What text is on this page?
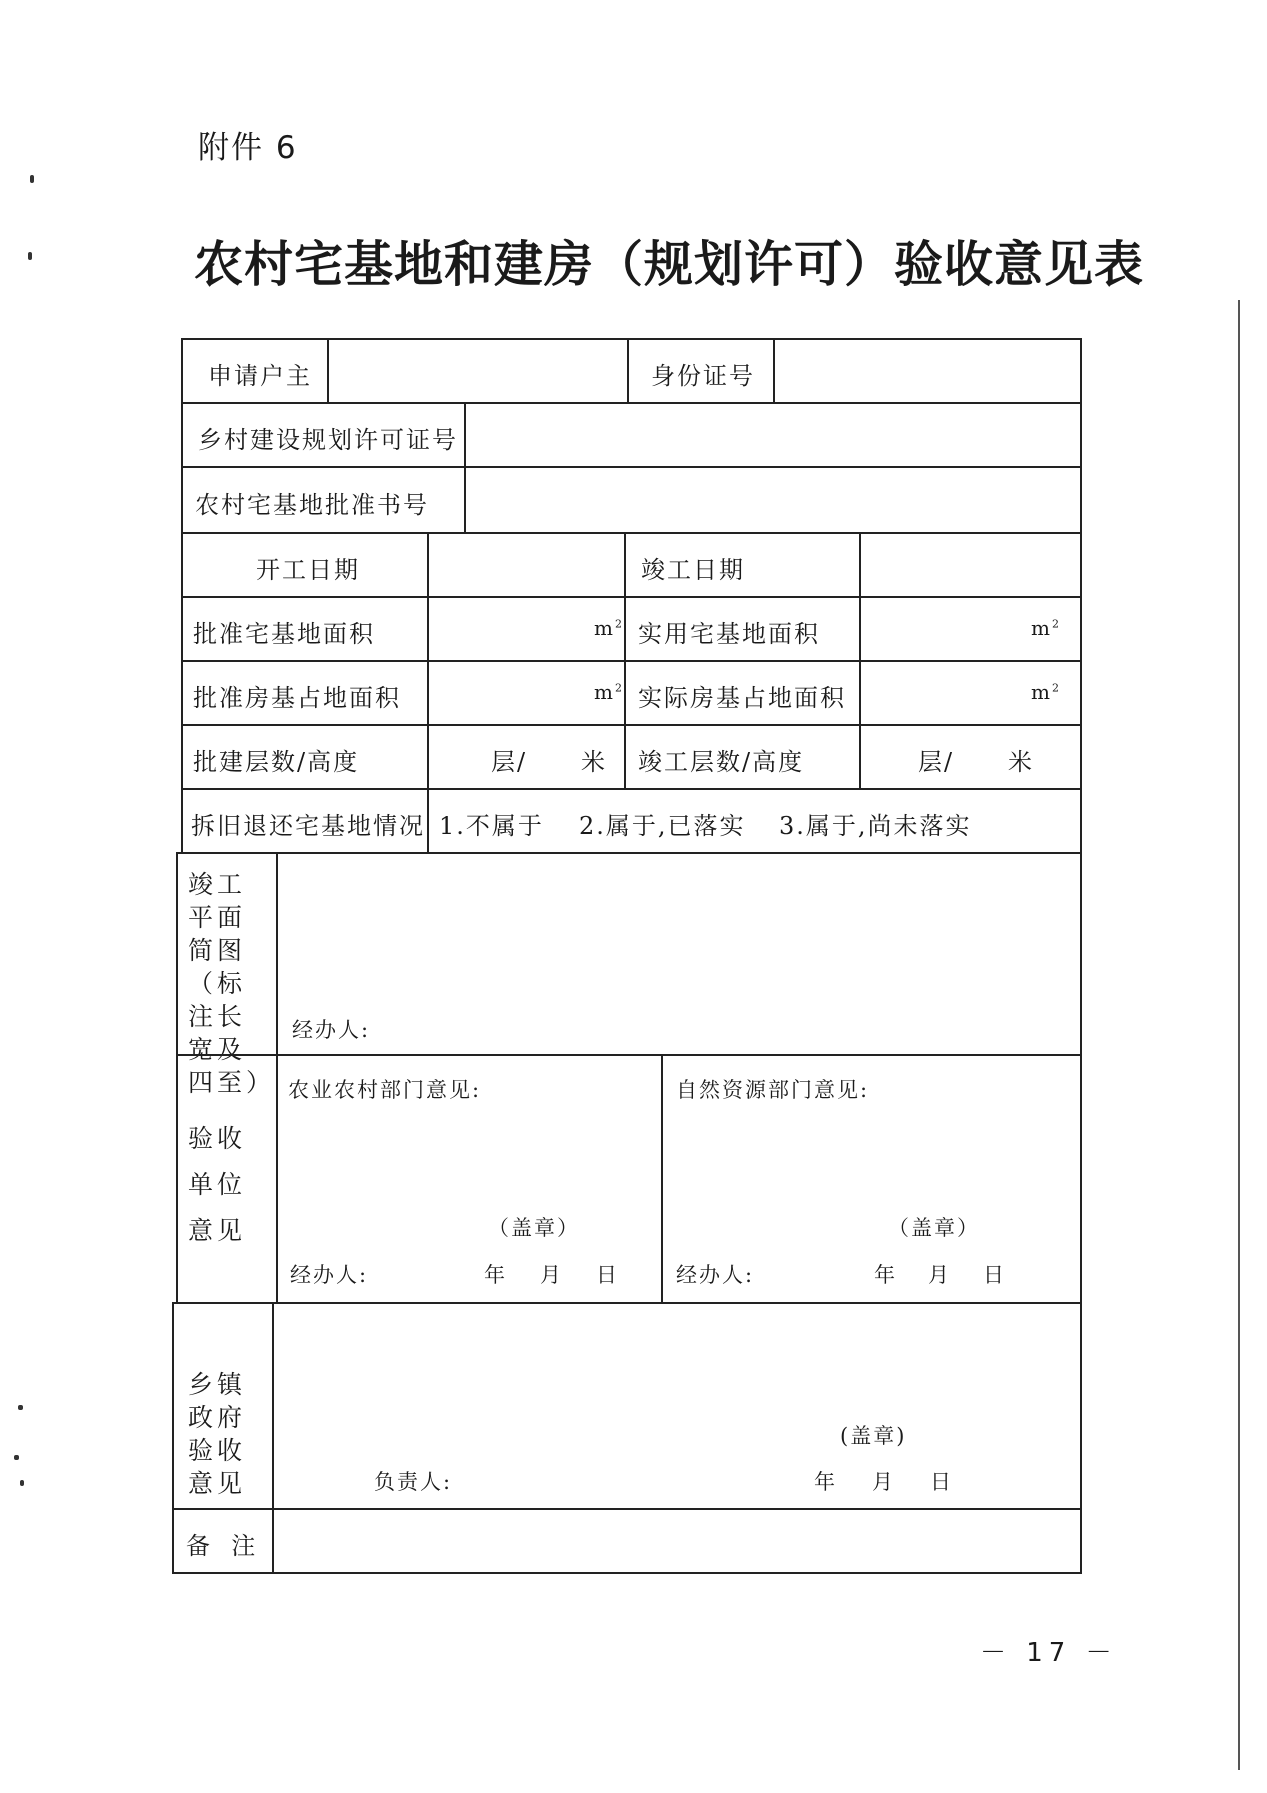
附件 6
农村宅基地和建房（规划许可）验收意见表
申请户主	身份证号
乡村建设规划许可证号
农村宅基地批准书号
开工日期	竣工日期
批准宅基地面积	$m^2$ 实用宅基地面积	$m^2$
批准房基占地面积	$m^2$ 实际房基占地面积	$m^2$
批建层数/高度	层/ 米 竣工层数/高度	层/ 米
拆旧退还宅基地情况 1.不属于 2.属于,已落实 3.属于,尚未落实
竣工平面简图（标注长宽及四至）
经办人:
验收单位意见
农业农村部门意见:
（盖章）
经办人:	年 月 日
自然资源部门意见:
（盖章）
经办人:	年 月 日
乡镇政府验收意见
(盖章)
负责人:	年 月 日
备  注
－ 17 －
